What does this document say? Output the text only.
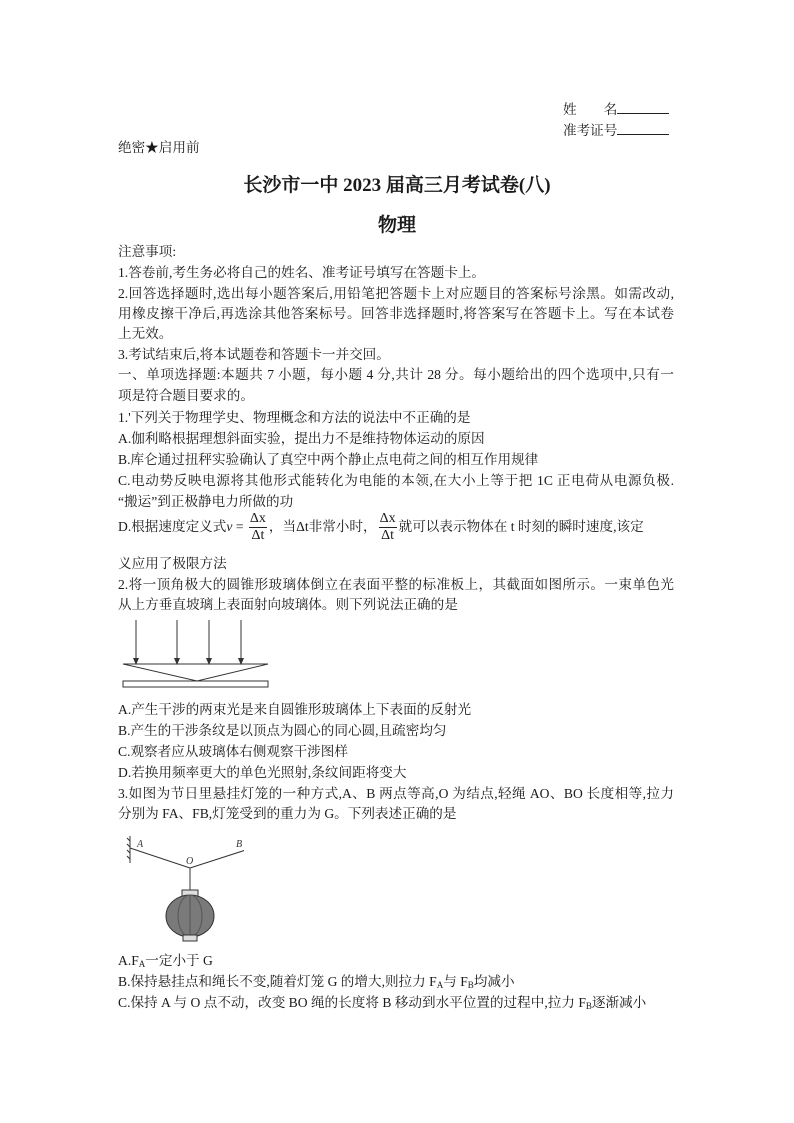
姓　　名
准考证号
绝密★启用前
长沙市一中 2023 届高三月考试卷(八)
物理
注意事项:
1.答卷前,考生务必将自己的姓名、准考证号填写在答题卡上。
2.回答选择题时,选出每小题答案后,用铅笔把答题卡上对应题目的答案标号涂黑。如需改动,
用橡皮擦干净后,再选涂其他答案标号。回答非选择题时,将答案写在答题卡上。写在本试卷
上无效。
3.考试结束后,将本试题卷和答题卡一并交回。
一、单项选择题:本题共 7 小题，每小题 4 分,共计 28 分。每小题给出的四个选项中,只有一
项是符合题目要求的。
1.'下列关于物理学史、物理概念和方法的说法中不正确的是
A.伽利略根据理想斜面实验，提出力不是维持物体运动的原因
B.库仑通过扭秤实验确认了真空中两个静止点电荷之间的相互作用规律
C.电动势反映电源将其他形式能转化为电能的本领,在大小上等于把 1C 正电荷从电源负极.
“搬运”到正极静电力所做的功
D.根据速度定义式$v = \frac{\Delta x}{\Delta t}$ ，当Δt非常小时， $\frac{\Delta x}{\Delta t}$ 就可以表示物体在 t 时刻的瞬时速度,该定
义应用了极限方法
2.将一顶角极大的圆锥形玻璃体倒立在表面平整的标准板上，其截面如图所示。一束单色光
从上方垂直坡璃上表面射向坡璃体。则下列说法正确的是
A.产生干涉的两束光是来自圆锥形玻璃体上下表面的反射光
B.产生的干涉条纹是以顶点为圆心的同心圆,且疏密均匀
C.观察者应从玻璃体右侧观察干涉图样
D.若换用频率更大的单色光照射,条纹间距将变大
3.如图为节日里悬挂灯笼的一种方式,A、B 两点等高,O 为结点,轻绳 AO、BO 长度相等,拉力
分别为 FA、FB,灯笼受到的重力为 G。下列表述正确的是
A	B
O
$A.F_A$一定小于 G
B.保持悬挂点和绳长不变,随着灯笼 G 的增大,则拉力 $F_A$与 $F_B$均减小
C.保持 A 与 O 点不动，改变 BO 绳的长度将 B 移动到水平位置的过程中,拉力 $F_B$逐渐减小
